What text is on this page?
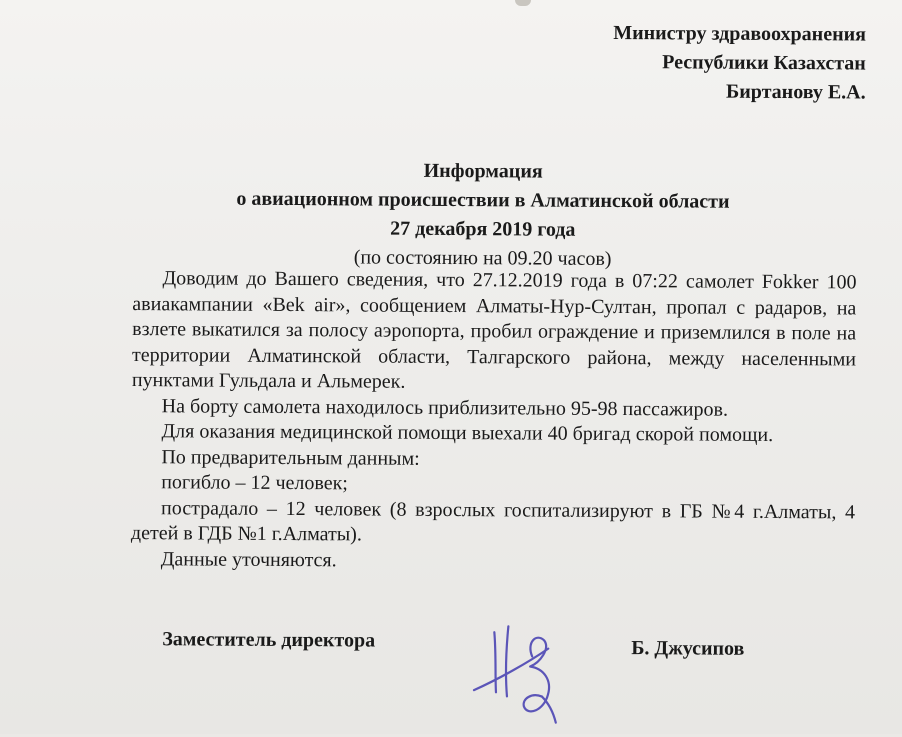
Министру здравоохранения
Республики Казахстан
Биртанову Е.А.
Информация
о авиационном происшествии в Алматинской области
27 декабря 2019 года
(по состоянию на 09.20 часов)

Доводим до Вашего сведения, что 27.12.2019 года в 07:22 самолет Fokker 100 авиакампании «Bek air», сообщением Алматы-Нур-Султан, пропал с радаров, на взлете выкатился за полосу аэропорта, пробил ограждение и приземлился в поле на территории Алматинской области, Талгарского района, между населенными пунктами Гульдала и Альмерек.

На борту самолета находилось приблизительно 95-98 пассажиров.

Для оказания медицинской помощи выехали 40 бригад скорой помощи.

По предварительным данным:

погибло – 12 человек;

пострадало – 12 человек (8 взрослых госпитализируют в ГБ №4 г.Алматы, 4 детей в ГДБ №1 г.Алматы).

Данные уточняются.

Заместитель директора	Б. Джусипов
